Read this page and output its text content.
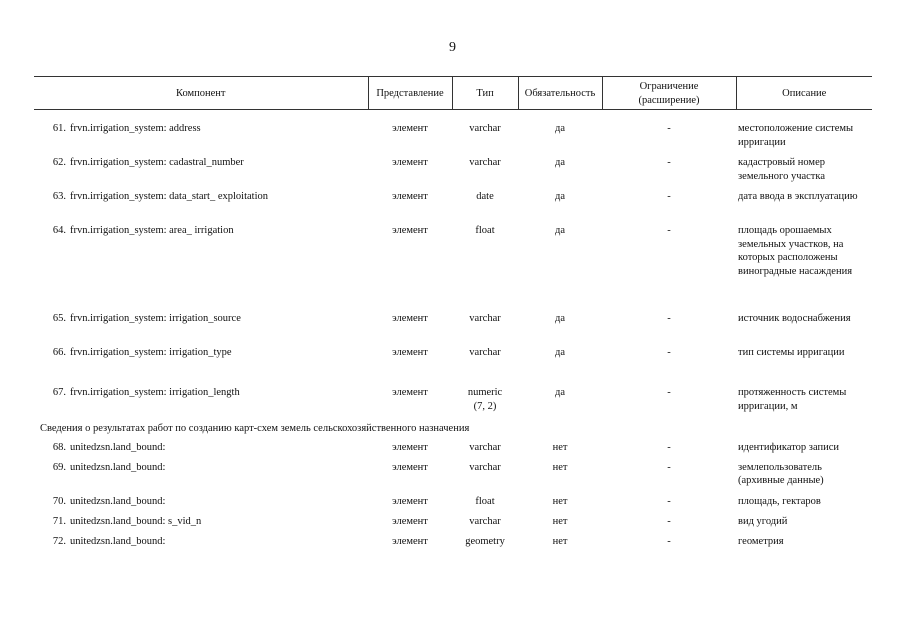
9
Компонент		Представление	Тип	Обязательность	Ограничение
(расширение)	Описание

61.	frvn.irrigation_system: address	элемент	varchar	да	-	местоположение системы ирригации
62.	frvn.irrigation_system: cadastral_number	элемент	varchar	да	-	кадастровый номер земельного участка
63.	frvn.irrigation_system: data_start_ exploitation	элемент	date	да	-	дата ввода в эксплуатацию
64.	frvn.irrigation_system: area_ irrigation	элемент	float	да	-	площадь орошаемых земельных участков, на которых расположены виноградные насаждения
65.	frvn.irrigation_system: irrigation_source	элемент	varchar	да	-	источник водоснабжения
66.	frvn.irrigation_system: irrigation_type	элемент	varchar	да	-	тип системы ирригации
67.	frvn.irrigation_system: irrigation_length	элемент	numeric (7, 2)	да	-	протяженность системы ирригации, м
Сведения о результатах работ по созданию карт-схем земель сельскохозяйственного назначения						
68.	unitedzsn.land_bound:	элемент	varchar	нет	-	идентификатор записи
69.	unitedzsn.land_bound:	элемент	varchar	нет	-	землепользователь (архивные данные)
70.	unitedzsn.land_bound:	элемент	float	нет	-	площадь, гектаров
71.	unitedzsn.land_bound: s_vid_n	элемент	varchar	нет	-	вид угодий
72.	unitedzsn.land_bound:	элемент	geometry	нет	-	геометрия
